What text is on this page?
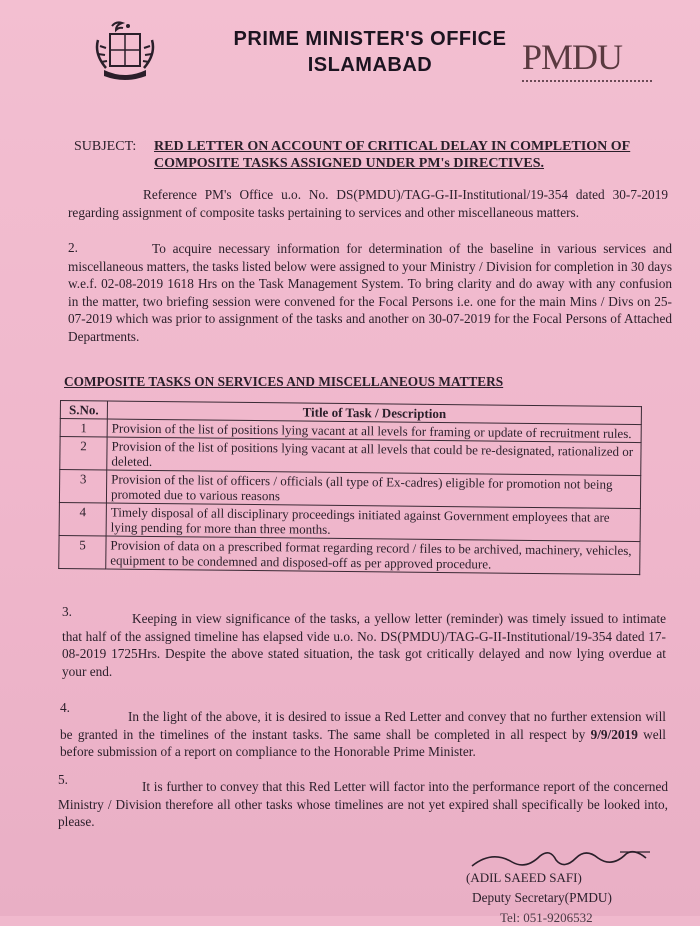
PRIME MINISTER'S OFFICE
ISLAMABAD	PMDU
SUBJECT: RED LETTER ON ACCOUNT OF CRITICAL DELAY IN COMPLETION OF COMPOSITE TASKS ASSIGNED UNDER PM's DIRECTIVES.
Reference PM's Office u.o. No. DS(PMDU)/TAG-G-II-Institutional/19-354 dated 30-7-2019 regarding assignment of composite tasks pertaining to services and other miscellaneous matters.
2.	To acquire necessary information for determination of the baseline in various services and miscellaneous matters, the tasks listed below were assigned to your Ministry / Division for completion in 30 days w.e.f. 02-08-2019 1618 Hrs on the Task Management System. To bring clarity and do away with any confusion in the matter, two briefing session were convened for the Focal Persons i.e. one for the main Mins / Divs on 25-07-2019 which was prior to assignment of the tasks and another on 30-07-2019 for the Focal Persons of Attached Departments.
COMPOSITE TASKS ON SERVICES AND MISCELLANEOUS MATTERS
S.No.	Title of Task / Description
1	Provision of the list of positions lying vacant at all levels for framing or update of recruitment rules.
2	Provision of the list of positions lying vacant at all levels that could be re-designated, rationalized or deleted.
3	Provision of the list of officers / officials (all type of Ex-cadres) eligible for promotion not being promoted due to various reasons
4	Timely disposal of all disciplinary proceedings initiated against Government employees that are lying pending for more than three months.
5	Provision of data on a prescribed format regarding record / files to be archived, machinery, vehicles, equipment to be condemned and disposed-off as per approved procedure.
3.	Keeping in view significance of the tasks, a yellow letter (reminder) was timely issued to intimate that half of the assigned timeline has elapsed vide u.o. No. DS(PMDU)/TAG-G-II-Institutional/19-354 dated 17-08-2019 1725Hrs. Despite the above stated situation, the task got critically delayed and now lying overdue at your end.
4.
In the light of the above, it is desired to issue a Red Letter and convey that no further extension will be granted in the timelines of the instant tasks. The same shall be completed in all respect by 9/9/2019 well before submission of a report on compliance to the Honorable Prime Minister.
5.	It is further to convey that this Red Letter will factor into the performance report of the concerned Ministry / Division therefore all other tasks whose timelines are not yet expired shall specifically be looked into, please.
(ADIL SAEED SAFI)
Deputy Secretary(PMDU)
Tel: 051-9206532
